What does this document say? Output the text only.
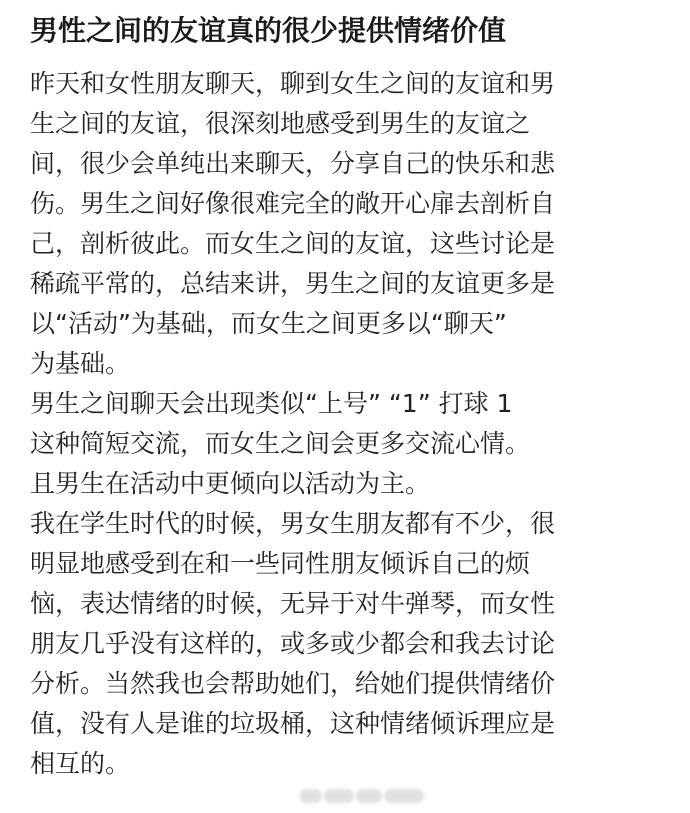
男性之间的友谊真的很少提供情绪价值
昨天和女性朋友聊天，聊到女生之间的友谊和男
生之间的友谊，很深刻地感受到男生的友谊之
间，很少会单纯出来聊天，分享自己的快乐和悲
伤。男生之间好像很难完全的敞开心扉去剖析自
己，剖析彼此。而女生之间的友谊，这些讨论是
稀疏平常的，总结来讲，男生之间的友谊更多是
以“活动”为基础，而女生之间更多以“聊天”
为基础。
男生之间聊天会出现类似“上号” “1” 打球 1
这种简短交流，而女生之间会更多交流心情。
且男生在活动中更倾向以活动为主。
我在学生时代的时候，男女生朋友都有不少，很
明显地感受到在和一些同性朋友倾诉自己的烦
恼，表达情绪的时候，无异于对牛弹琴，而女性
朋友几乎没有这样的，或多或少都会和我去讨论
分析。当然我也会帮助她们，给她们提供情绪价
值，没有人是谁的垃圾桶，这种情绪倾诉理应是
相互的。
